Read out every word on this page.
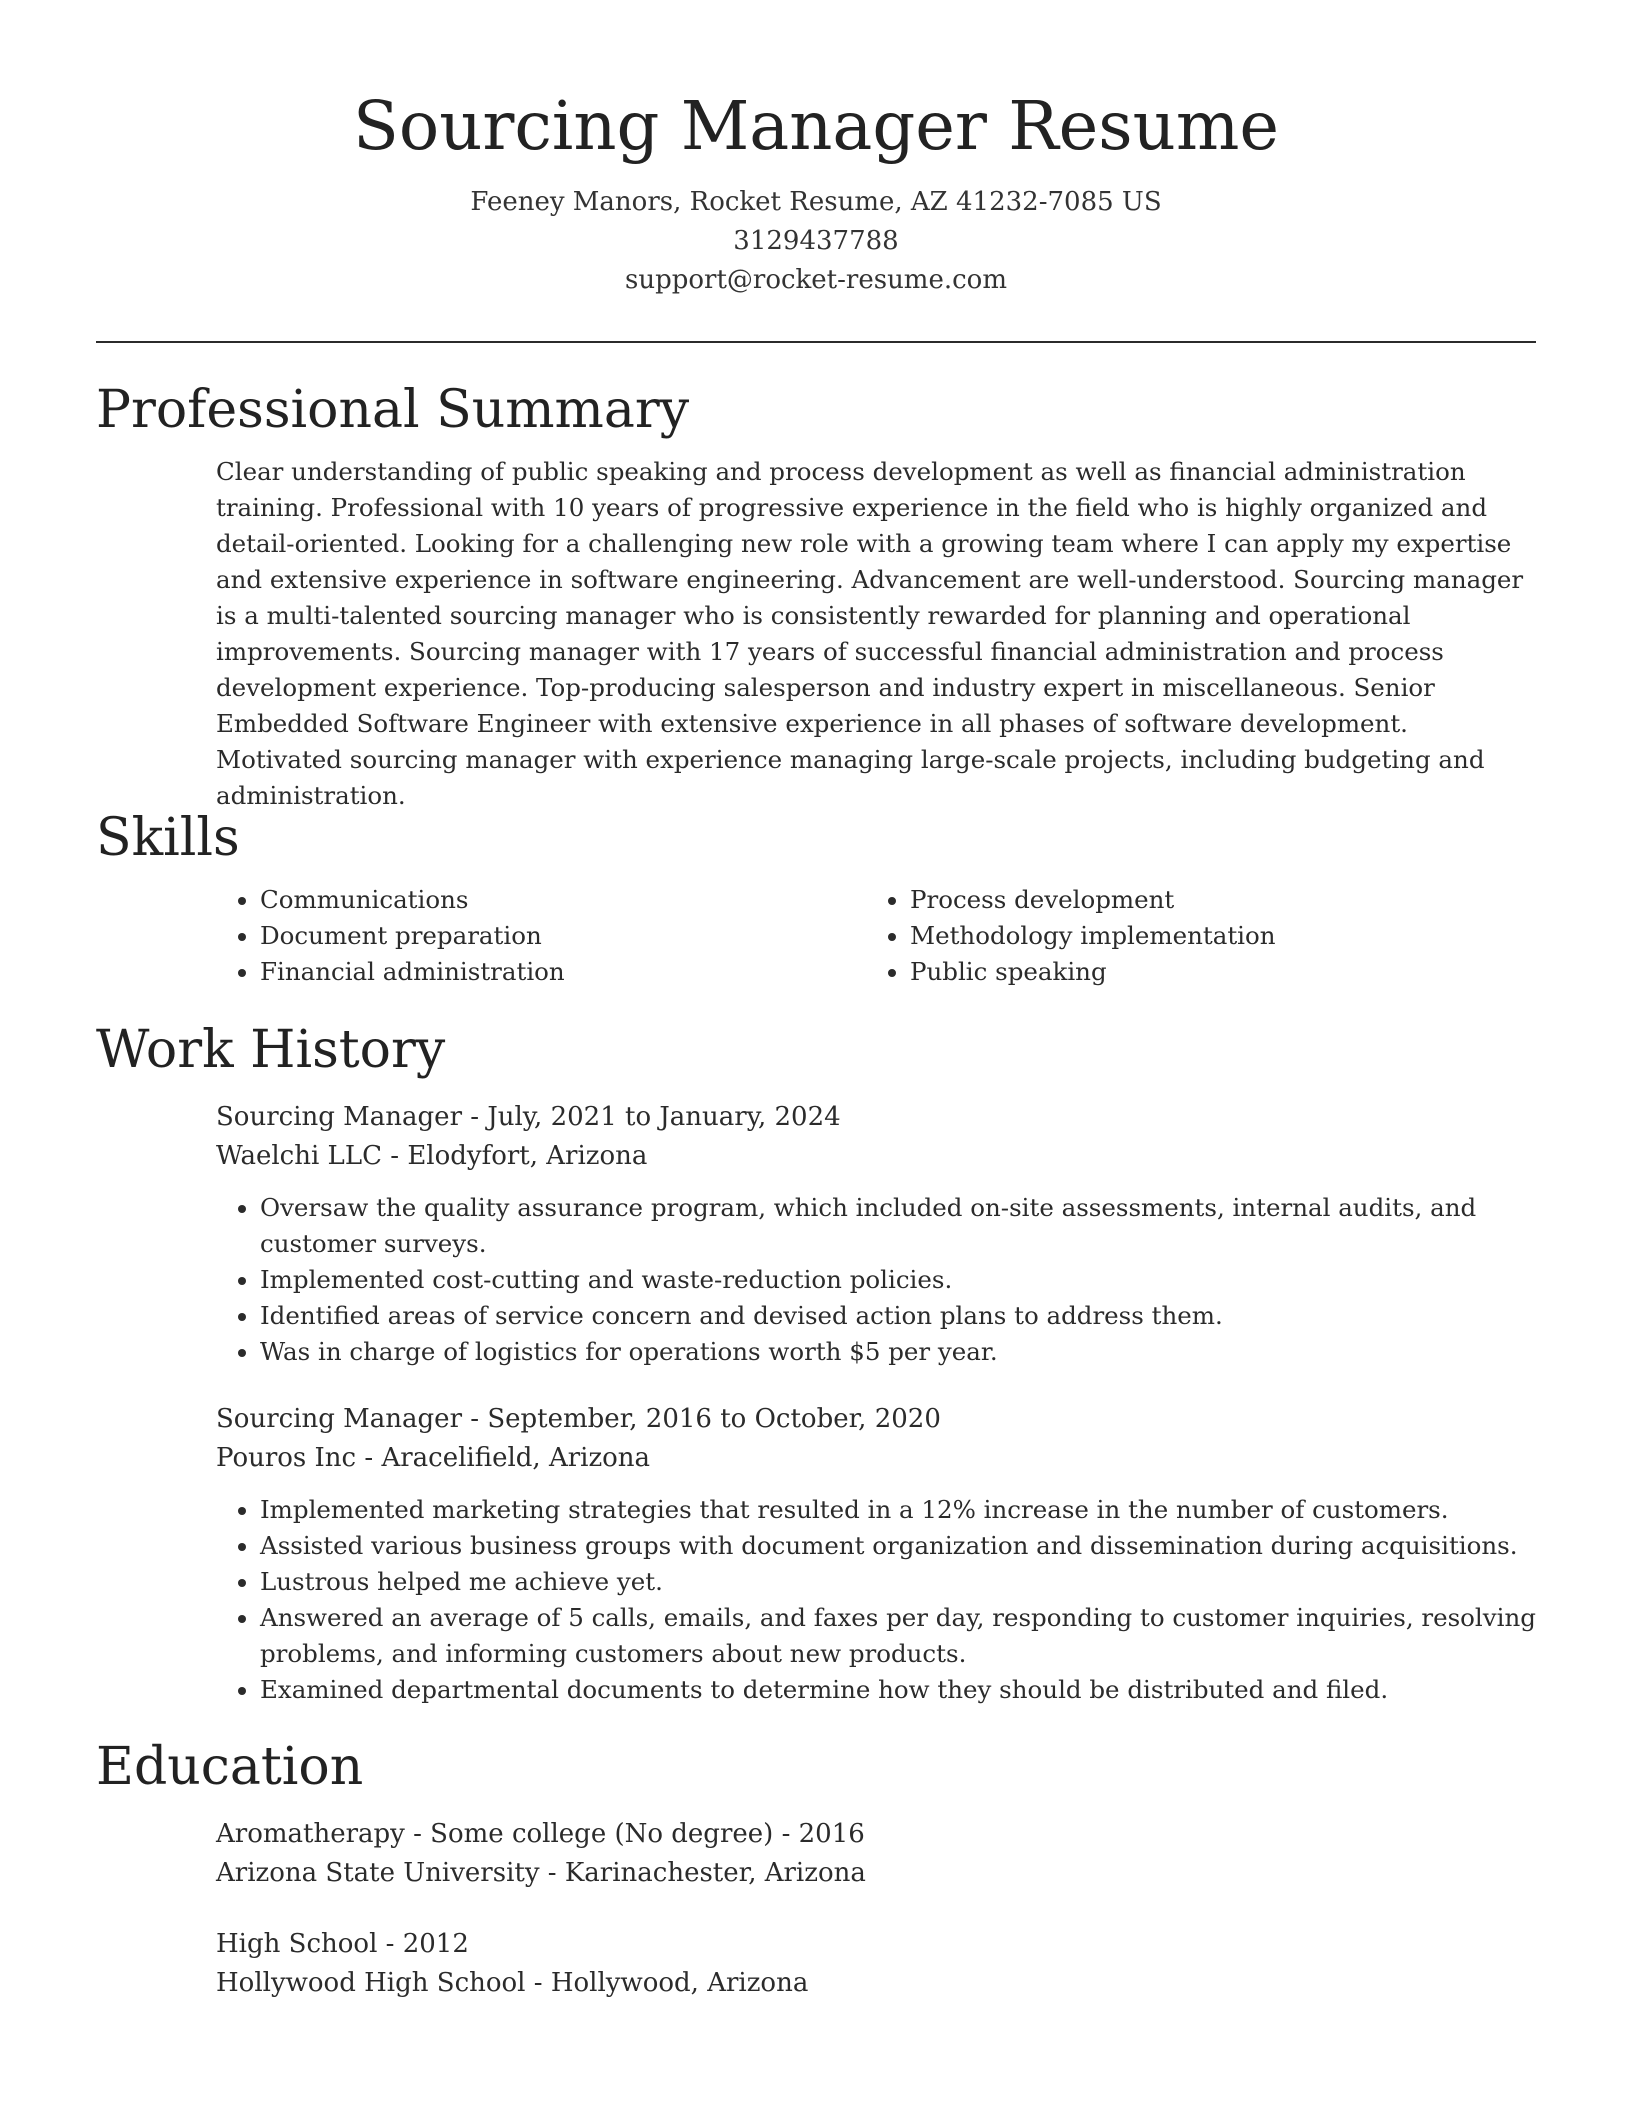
Sourcing Manager Resume
Feeney Manors, Rocket Resume, AZ 41232-7085 US
3129437788
support@rocket-resume.com
Professional Summary

Clear understanding of public speaking and process development as well as financial administration training. Professional with 10 years of progressive experience in the field who is highly organized and detail-oriented. Looking for a challenging new role with a growing team where I can apply my expertise and extensive experience in software engineering. Advancement are well-understood. Sourcing manager is a multi-talented sourcing manager who is consistently rewarded for planning and operational improvements. Sourcing manager with 17 years of successful financial administration and process development experience. Top-producing salesperson and industry expert in miscellaneous. Senior Embedded Software Engineer with extensive experience in all phases of software development. Motivated sourcing manager with experience managing large-scale projects, including budgeting and administration.

Skills
• Communications
• Document preparation
• Financial administration
• Process development
• Methodology implementation
• Public speaking
Work History
Sourcing Manager - July, 2021 to January, 2024
Waelchi LLC - Elodyfort, Arizona
• Oversaw the quality assurance program, which included on-site assessments, internal audits, and customer surveys.
• Implemented cost-cutting and waste-reduction policies.
• Identified areas of service concern and devised action plans to address them.
• Was in charge of logistics for operations worth $5 per year.
Sourcing Manager - September, 2016 to October, 2020
Pouros Inc - Aracelifield, Arizona
• Implemented marketing strategies that resulted in a 12% increase in the number of customers.
• Assisted various business groups with document organization and dissemination during acquisitions.
• Lustrous helped me achieve yet.
• Answered an average of 5 calls, emails, and faxes per day, responding to customer inquiries, resolving problems, and informing customers about new products.
• Examined departmental documents to determine how they should be distributed and filed.
Education
Aromatherapy - Some college (No degree) - 2016
Arizona State University - Karinachester, Arizona
High School - 2012
Hollywood High School - Hollywood, Arizona
